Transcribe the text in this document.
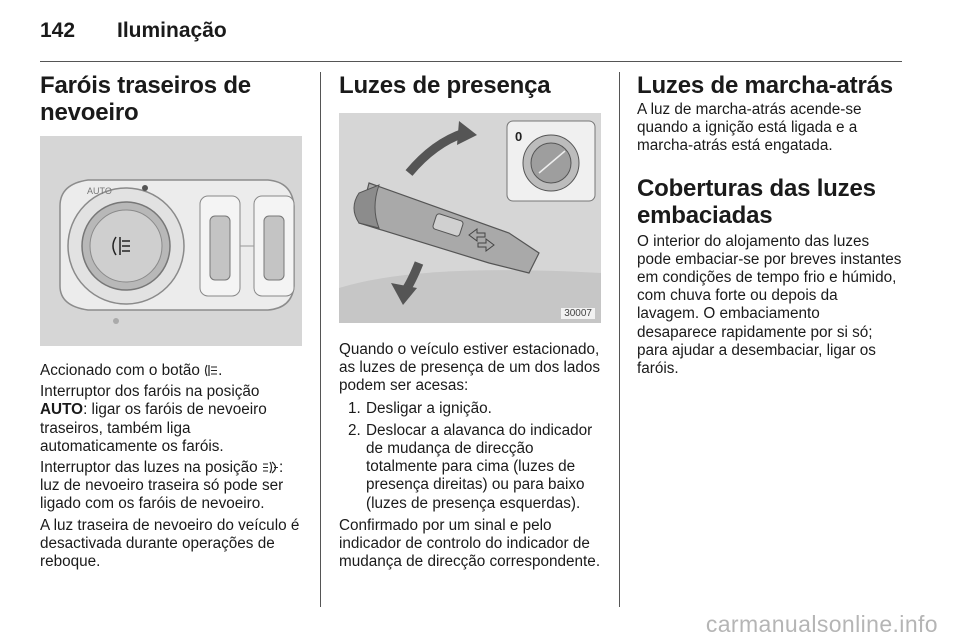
142 Iluminação
Faróis traseiros de nevoeiro
AUTO

Accionado com o botão .

Interruptor dos faróis na posição AUTO: ligar os faróis de nevoeiro traseiros, também liga automaticamente os faróis.

Interruptor das luzes na posição : luz de nevoeiro traseira só pode ser ligado com os faróis de nevoeiro.

A luz traseira de nevoeiro do veículo é desactivada durante operações de reboque.

Luzes de presença
0
30007

Quando o veículo estiver estacionado, as luzes de presença de um dos lados podem ser acesas:

1. Desligar a ignição.
2. Deslocar a alavanca do indicador de mudança de direcção totalmente para cima (luzes de presença direitas) ou para baixo (luzes de presença esquerdas).

Confirmado por um sinal e pelo indicador de controlo do indicador de mudança de direcção correspondente.

Luzes de marcha-atrás

A luz de marcha-atrás acende-se quando a ignição está ligada e a marcha-atrás está engatada.

Coberturas das luzes embaciadas

O interior do alojamento das luzes pode embaciar-se por breves instantes em condições de tempo frio e húmido, com chuva forte ou depois da lavagem. O embaciamento desaparece rapidamente por si só; para ajudar a desembaciar, ligar os faróis.

carmanualsonline.info
